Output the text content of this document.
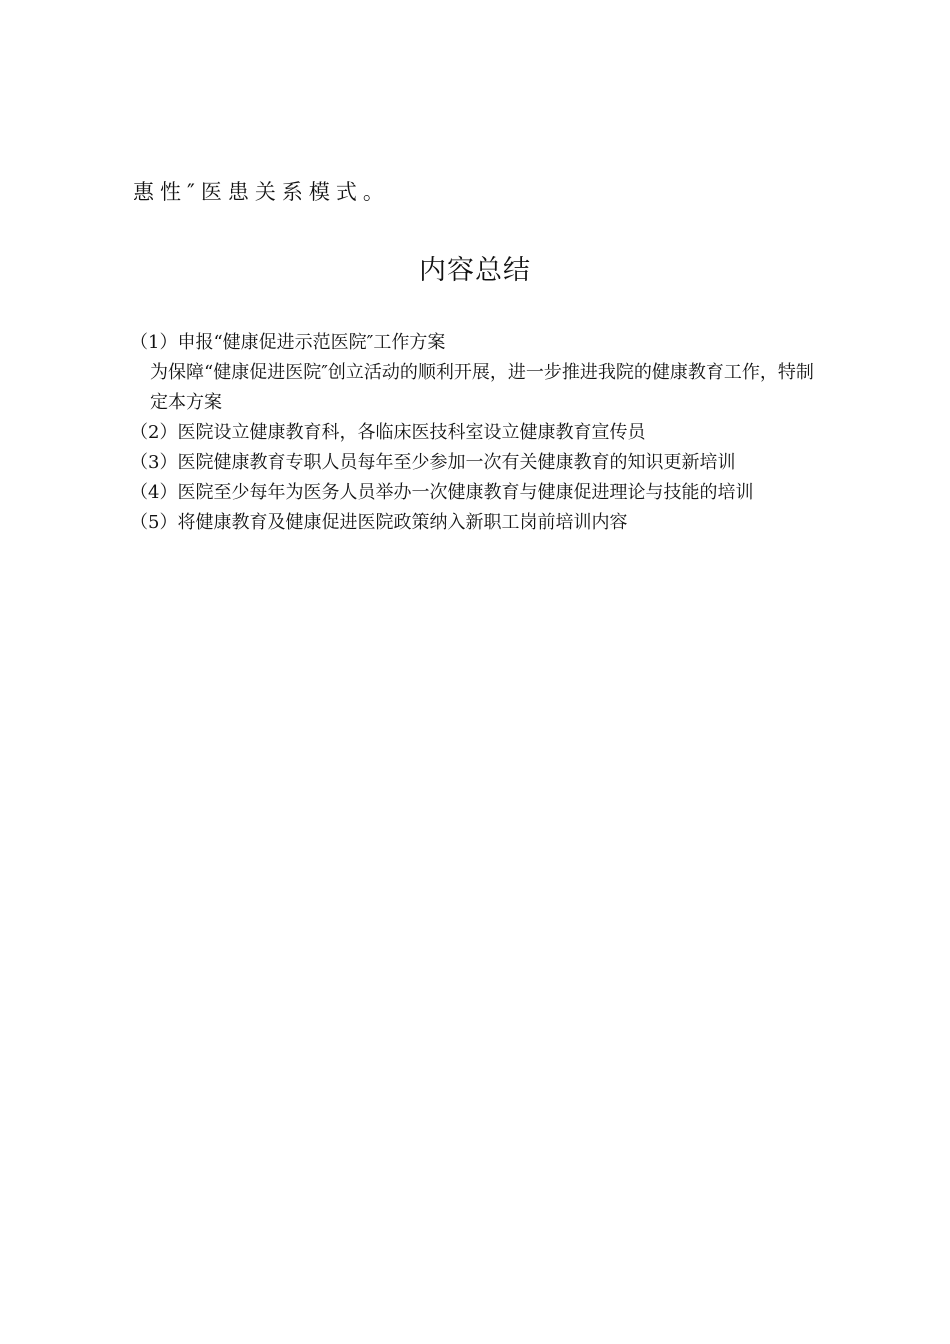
惠性″医患关系模式。
内容总结

（1）申报“健康促进示范医院″工作方案

为保障“健康促进医院″创立活动的顺利开展，进一步推进我院的健康教育工作，特制定本方案

（2）医院设立健康教育科，各临床医技科室设立健康教育宣传员

（3）医院健康教育专职人员每年至少参加一次有关健康教育的知识更新培训

（4）医院至少每年为医务人员举办一次健康教育与健康促进理论与技能的培训

（5）将健康教育及健康促进医院政策纳入新职工岗前培训内容
